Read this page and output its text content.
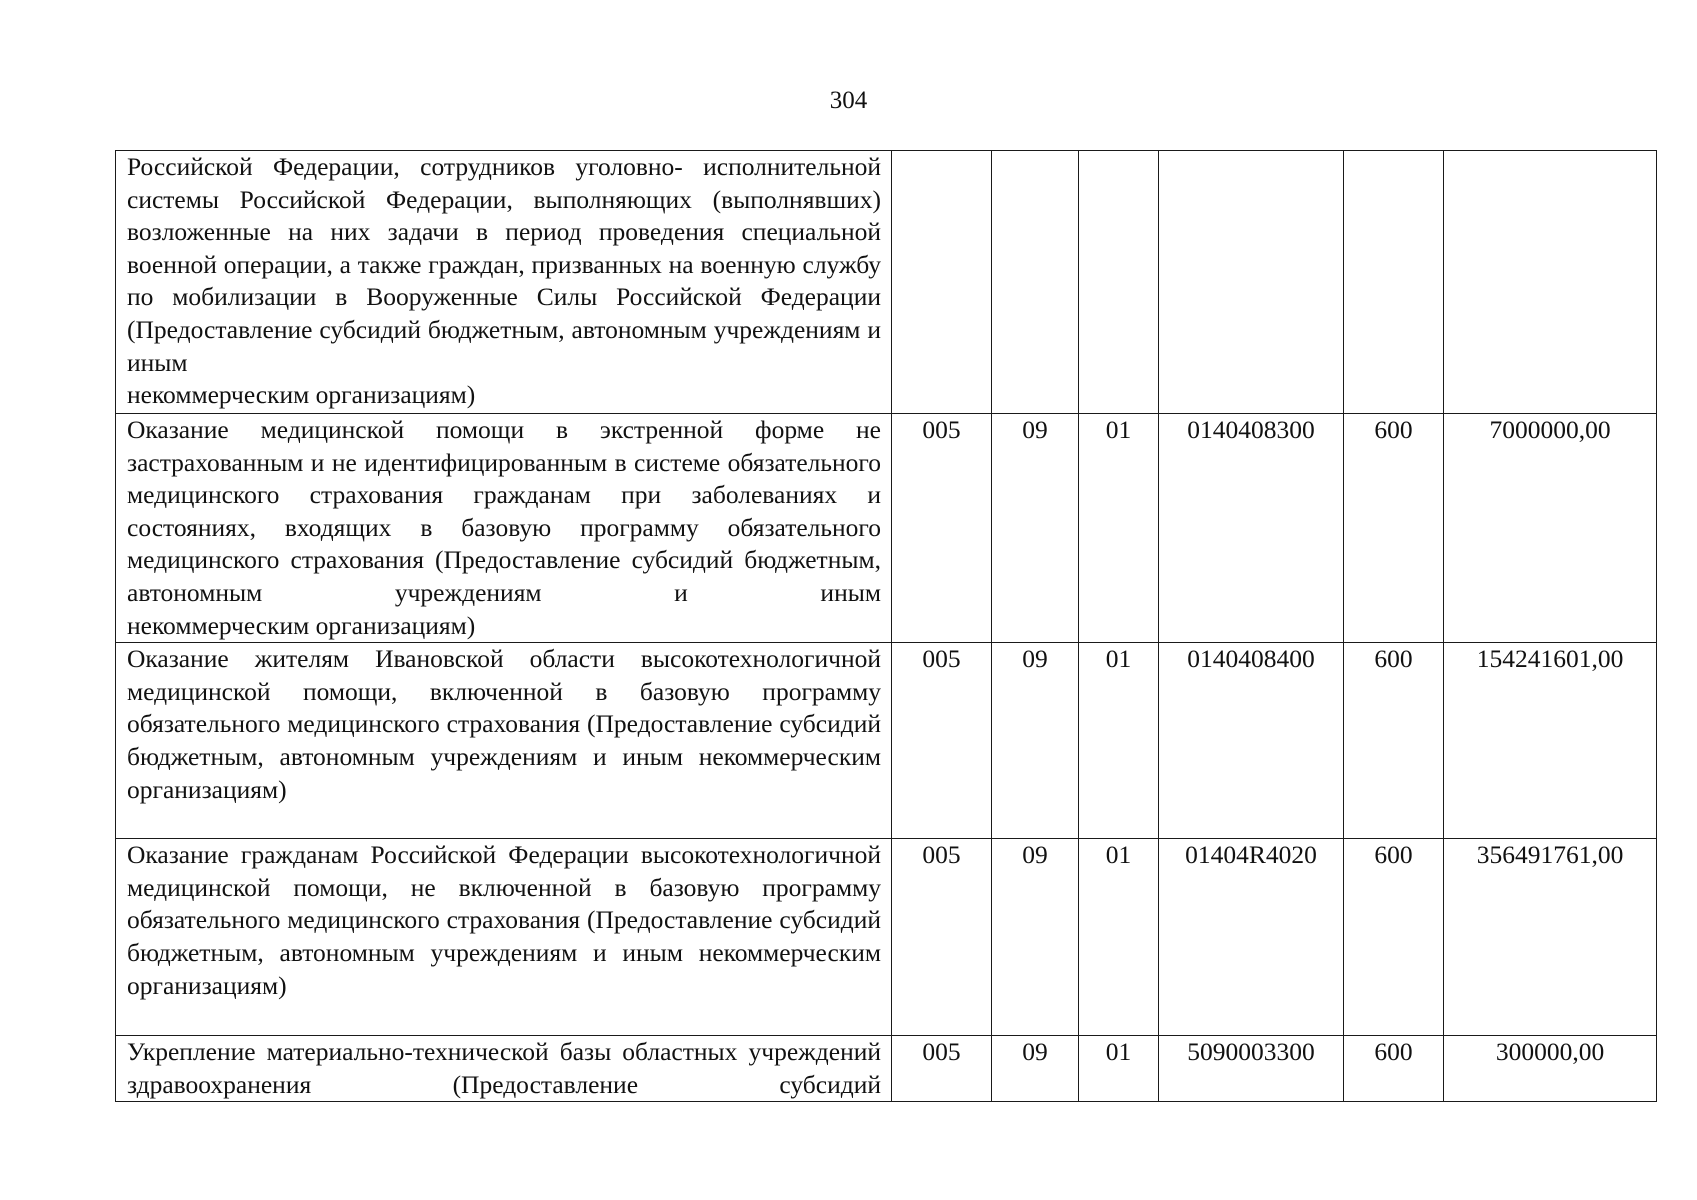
304
Российской Федерации, сотрудников уголовно- исполнительной системы Российской Федерации, выполняющих (выполнявших) возложенные на них задачи в период проведения специальной военной операции, а также граждан, призванных на военную службу по мобилизации в Вооруженные Силы Российской Федерации (Предоставление субсидий бюджетным, автономным учреждениям и иным
некоммерческим организациям)						

Оказание медицинской помощи в экстренной форме не застрахованным и не идентифицированным в системе обязательного медицинского страхования гражданам при заболеваниях и состояниях, входящих в базовую программу обязательного медицинского страхования (Предоставление субсидий бюджетным, автономным учреждениям и иным
некоммерческим организациям)	005	09	01	0140408300	600	7000000,00
Оказание жителям Ивановской области высокотехнологичной медицинской помощи, включенной в базовую программу обязательного медицинского страхования (Предоставление субсидий бюджетным, автономным учреждениям и иным некоммерческим
организациям)	005	09	01	0140408400	600	154241601,00
Оказание гражданам Российской Федерации высокотехнологичной медицинской помощи, не включенной в базовую программу обязательного медицинского страхования (Предоставление субсидий бюджетным, автономным учреждениям и иным некоммерческим
организациям)	005	09	01	01404R4020	600	356491761,00
Укрепление материально-технической базы областных учреждений здравоохранения (Предоставление субсидий	005	09	01	5090003300	600	300000,00
